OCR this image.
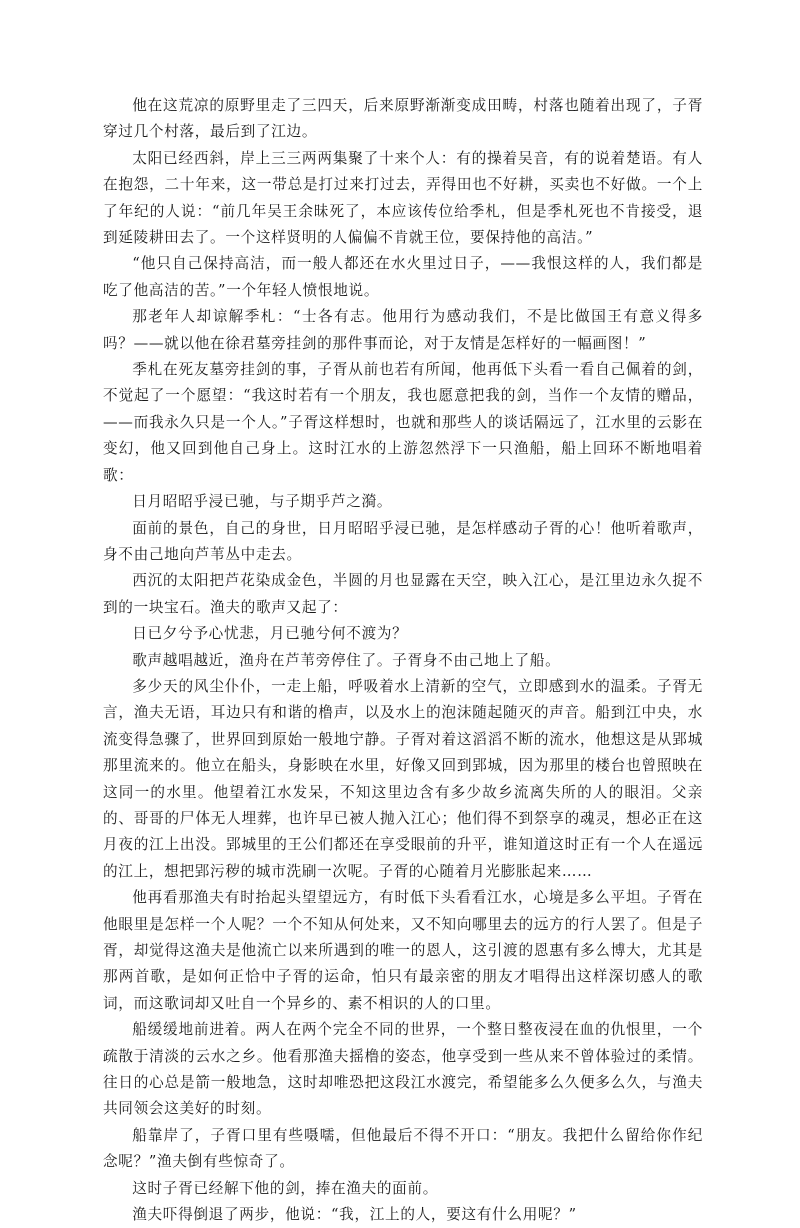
他在这荒凉的原野里走了三四天，后来原野渐渐变成田畴，村落也随着出现了，子胥穿过几个村落，最后到了江边。

太阳已经西斜，岸上三三两两集聚了十来个人：有的操着吴音，有的说着楚语。有人在抱怨，二十年来，这一带总是打过来打过去，弄得田也不好耕，买卖也不好做。一个上了年纪的人说：“前几年吴王余昧死了，本应该传位给季札，但是季札死也不肯接受，退到延陵耕田去了。一个这样贤明的人偏偏不肯就王位，要保持他的高洁。”

“他只自己保持高洁，而一般人都还在水火里过日子，——我恨这样的人，我们都是吃了他高洁的苦。”一个年轻人愤恨地说。

那老年人却谅解季札：“士各有志。他用行为感动我们，不是比做国王有意义得多吗？——就以他在徐君墓旁挂剑的那件事而论，对于友情是怎样好的一幅画图！”

季札在死友墓旁挂剑的事，子胥从前也若有所闻，他再低下头看一看自己佩着的剑，不觉起了一个愿望：“我这时若有一个朋友，我也愿意把我的剑，当作一个友情的赠品，——而我永久只是一个人。”子胥这样想时，也就和那些人的谈话隔远了，江水里的云影在变幻，他又回到他自己身上。这时江水的上游忽然浮下一只渔船，船上回环不断地唱着歌：

日月昭昭乎浸已驰，与子期乎芦之漪。

面前的景色，自己的身世，日月昭昭乎浸已驰，是怎样感动子胥的心！他听着歌声，身不由己地向芦苇丛中走去。

西沉的太阳把芦花染成金色，半圆的月也显露在天空，映入江心，是江里边永久捉不到的一块宝石。渔夫的歌声又起了：

日已夕兮予心忧悲，月已驰兮何不渡为？

歌声越唱越近，渔舟在芦苇旁停住了。子胥身不由己地上了船。

多少天的风尘仆仆，一走上船，呼吸着水上清新的空气，立即感到水的温柔。子胥无言，渔夫无语，耳边只有和谐的橹声，以及水上的泡沫随起随灭的声音。船到江中央，水流变得急骤了，世界回到原始一般地宁静。子胥对着这滔滔不断的流水，他想这是从郢城那里流来的。他立在船头，身影映在水里，好像又回到郢城，因为那里的楼台也曾照映在这同一的水里。他望着江水发呆，不知这里边含有多少故乡流离失所的人的眼泪。父亲的、哥哥的尸体无人埋葬，也许早已被人抛入江心；他们得不到祭享的魂灵，想必正在这月夜的江上出没。郢城里的王公们都还在享受眼前的升平，谁知道这时正有一个人在遥远的江上，想把郢污秽的城市洗刷一次呢。子胥的心随着月光膨胀起来……

他再看那渔夫有时抬起头望望远方，有时低下头看看江水，心境是多么平坦。子胥在他眼里是怎样一个人呢？一个不知从何处来，又不知向哪里去的远方的行人罢了。但是子胥，却觉得这渔夫是他流亡以来所遇到的唯一的恩人，这引渡的恩惠有多么博大，尤其是那两首歌，是如何正恰中子胥的运命，怕只有最亲密的朋友才唱得出这样深切感人的歌词，而这歌词却又吐自一个异乡的、素不相识的人的口里。

船缓缓地前进着。两人在两个完全不同的世界，一个整日整夜浸在血的仇恨里，一个疏散于清淡的云水之乡。他看那渔夫摇橹的姿态，他享受到一些从来不曾体验过的柔情。往日的心总是箭一般地急，这时却唯恐把这段江水渡完，希望能多么久便多么久，与渔夫共同领会这美好的时刻。

船靠岸了，子胥口里有些嗫嚅，但他最后不得不开口：“朋友。我把什么留给你作纪念呢？”渔夫倒有些惊奇了。

这时子胥已经解下他的剑，捧在渔夫的面前。

渔夫吓得倒退了两步，他说：“我，江上的人，要这有什么用呢？”
